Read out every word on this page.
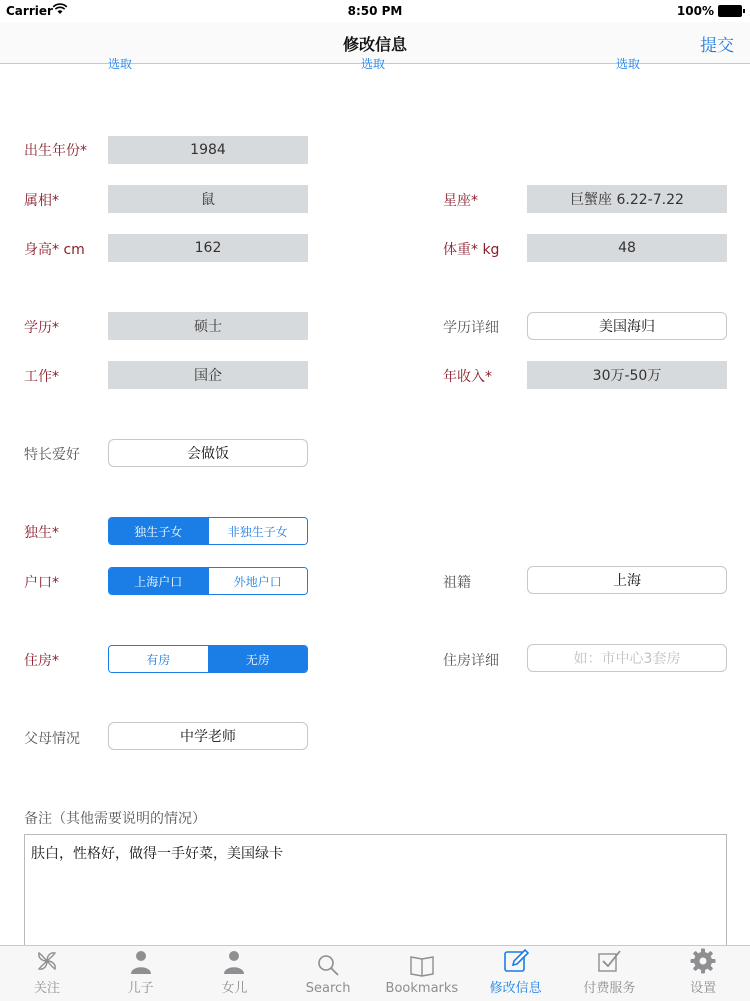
Carrier	8:50 PM	100%
修改信息	提交
选取	选取	选取
出生年份*	1984
属相*	鼠	星座*	巨蟹座 6.22-7.22
身高* cm	162	体重* kg	48
学历*	硕士	学历详细	美国海归
工作*	国企	年收入*	30万-50万
特长爱好	会做饭
独生*	独生子女	非独生子女
户口*	上海户口	外地户口	祖籍	上海
住房*	有房	无房	住房详细	如：市中心3套房
父母情况	中学老师
备注（其他需要说明的情况）
肤白，性格好，做得一手好菜，美国绿卡
关注	儿子	女儿	Search	Bookmarks 修改信息	付费服务	设置
